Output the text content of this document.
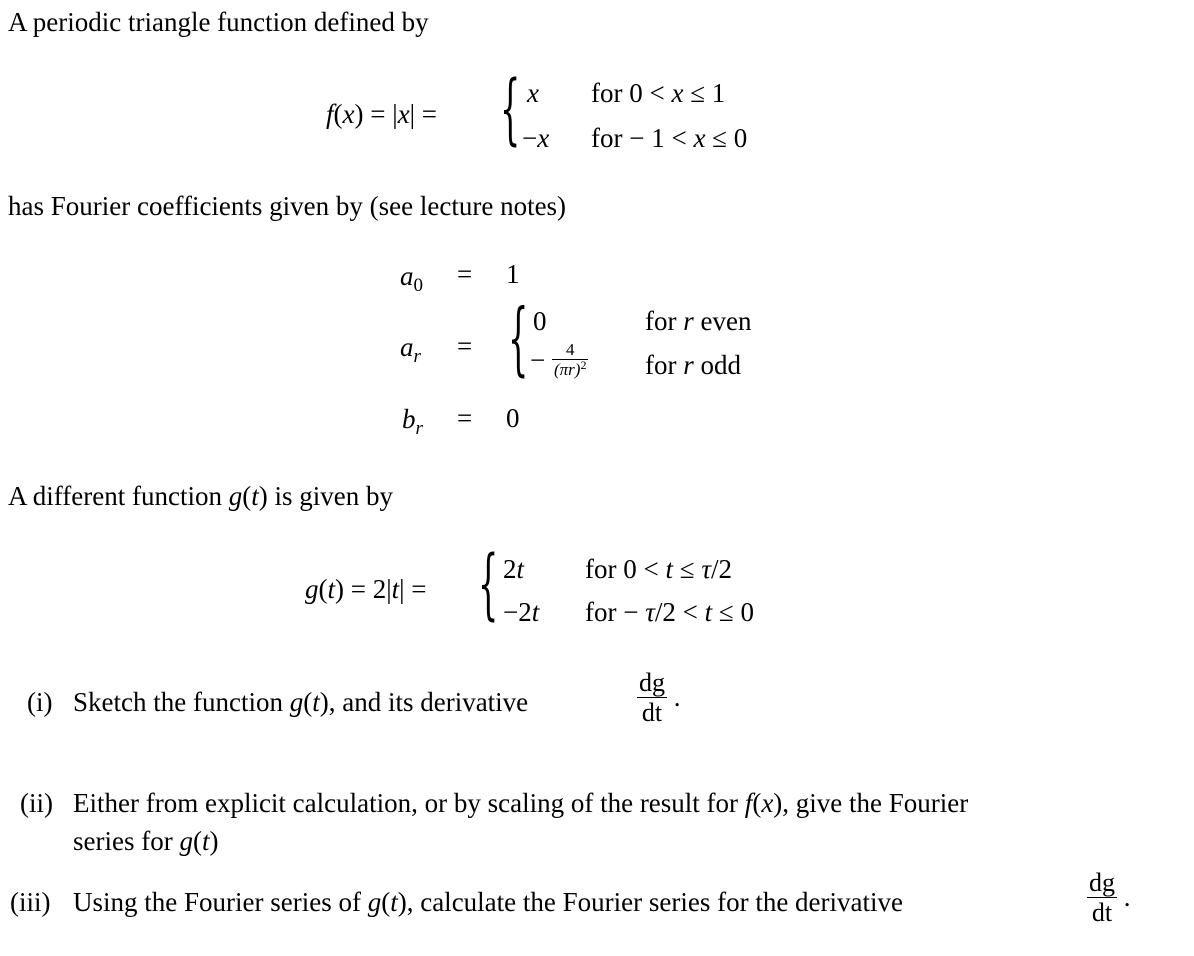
A periodic triangle function defined by
f(x) = |x| = { x for 0 < x ≤ 1
−x for − 1 < x ≤ 0
has Fourier coefficients given by (see lecture notes)
$a_0 = 1$
$a_r$ = { 0	for r even
− $\frac{4}{(\pi r)^2}$ for r odd
$b_r = 0$
A different function g(t) is given by
g(t) = 2|t| = { 2t for 0 < t ≤ τ/2
−2t for − τ/2 < t ≤ 0
(i) Sketch the function g(t), and its derivative	$\frac{dg}{dt}$ .
(ii) Either from explicit calculation, or by scaling of the result for f(x), give the Fourier
series for g(t)
(iii) Using the Fourier series of g(t), calculate the Fourier series for the derivative	$\frac{dg}{dt}$ .
